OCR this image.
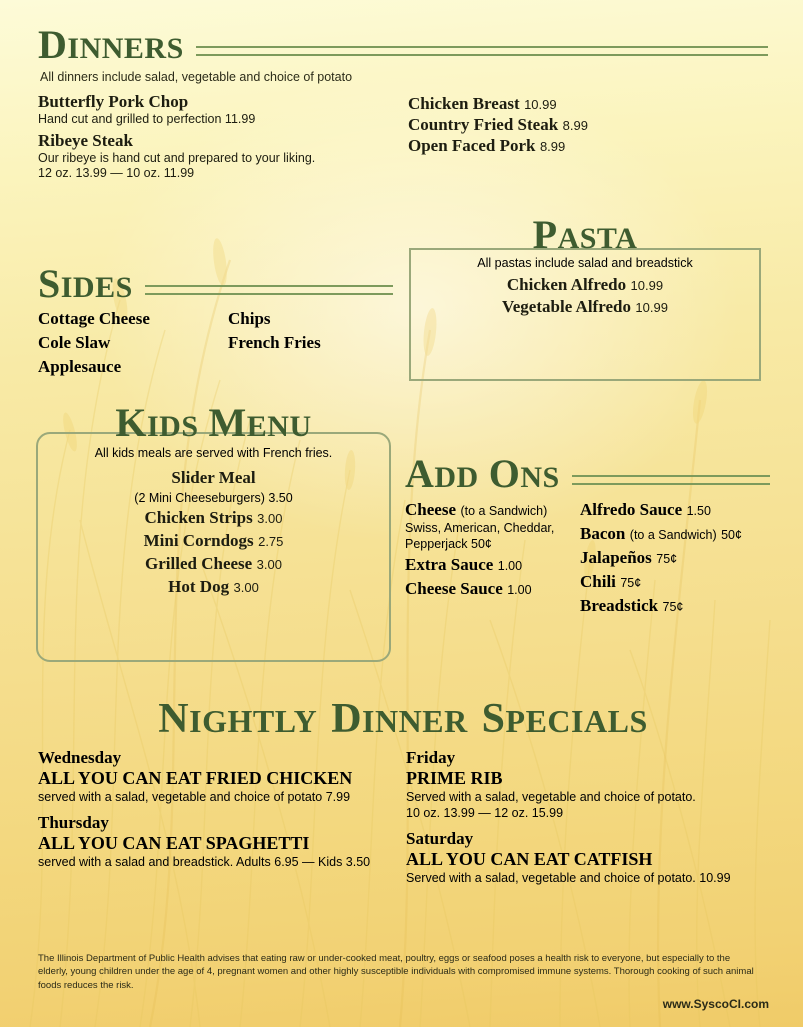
DINNERS
All dinners include salad, vegetable and choice of potato
Butterfly Pork Chop
Hand cut and grilled to perfection 11.99
Ribeye Steak
Our ribeye is hand cut and prepared to your liking.
12 oz. 13.99 — 10 oz. 11.99
Chicken Breast 10.99
Country Fried Steak 8.99
Open Faced Pork 8.99
SIDES
Cottage Cheese
Cole Slaw
Applesauce
Chips
French Fries
PASTA
All pastas include salad and breadstick
Chicken Alfredo 10.99
Vegetable Alfredo 10.99
KIDS MENU
All kids meals are served with French fries.
Slider Meal
(2 Mini Cheeseburgers) 3.50
Chicken Strips 3.00
Mini Corndogs 2.75
Grilled Cheese 3.00
Hot Dog 3.00
ADD ONS
Cheese (to a Sandwich)
Swiss, American, Cheddar, Pepperjack 50¢
Extra Sauce 1.00
Cheese Sauce 1.00
Alfredo Sauce 1.50
Bacon (to a Sandwich) 50¢
Jalapeños 75¢
Chili 75¢
Breadstick 75¢
NIGHTLY DINNER SPECIALS
Wednesday
ALL YOU CAN EAT FRIED CHICKEN
served with a salad, vegetable and choice of potato 7.99
Thursday
ALL YOU CAN EAT SPAGHETTI
served with a salad and breadstick. Adults 6.95 — Kids 3.50
Friday
PRIME RIB
Served with a salad, vegetable and choice of potato.
10 oz. 13.99 — 12 oz. 15.99
Saturday
ALL YOU CAN EAT CATFISH
Served with a salad, vegetable and choice of potato. 10.99
The Illinois Department of Public Health advises that eating raw or under-cooked meat, poultry, eggs or seafood poses a health risk to everyone, but especially to the elderly, young children under the age of 4, pregnant women and other highly susceptible individuals with compromised immune systems. Thorough cooking of such animal foods reduces the risk.
www.SyscoCI.com
